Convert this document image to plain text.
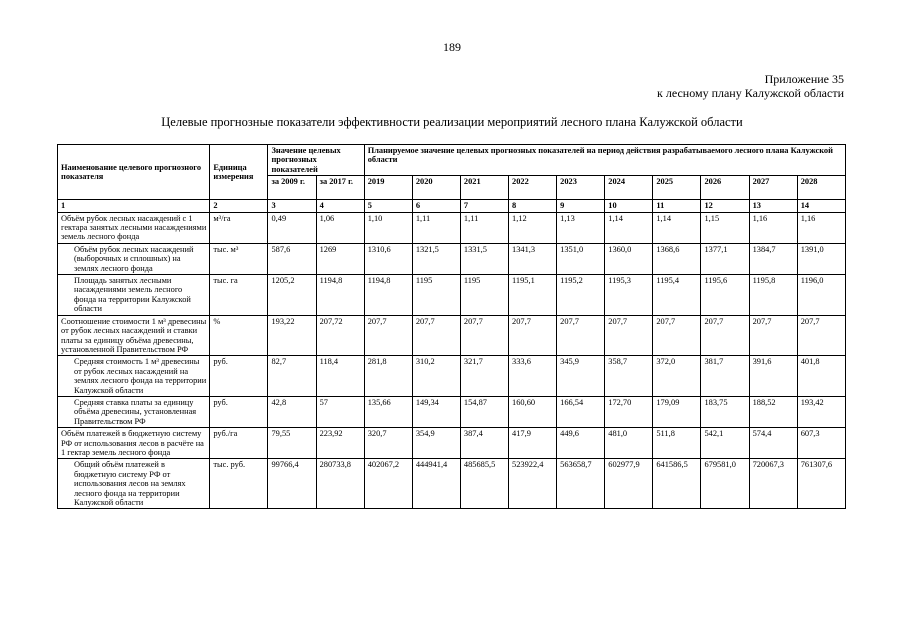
189
Приложение 35
к лесному плану Калужской области
Целевые прогнозные показатели эффективности реализации мероприятий лесного плана Калужской области
Наименование целевого прогнозного показателя	Единица измерения	Значение целевых прогнозных показателей		Планируемое значение целевых прогнозных показателей на период действия разрабатываемого лесного плана Калужской области									
		за 2009 г.	за 2017 г.	2019	2020	2021	2022	2023	2024	2025	2026	2027	2028
1	2	3	4	5	6	7	8	9	10	11	12	13	14
Объём рубок лесных насаждений с 1 гектара занятых лесными насаждениями земель лесного фонда	м³/га	0,49	1,06	1,10	1,11	1,11	1,12	1,13	1,14	1,14	1,15	1,16	1,16
Объём рубок лесных насаждений (выборочных и сплошных) на землях лесного фонда	тыс. м³	587,6	1269	1310,6	1321,5	1331,5	1341,3	1351,0	1360,0	1368,6	1377,1	1384,7	1391,0
Площадь занятых лесными насаждениями земель лесного фонда на территории Калужской области	тыс. га	1205,2	1194,8	1194,8	1195	1195	1195,1	1195,2	1195,3	1195,4	1195,6	1195,8	1196,0
Соотношение стоимости 1 м³ древесины от рубок лесных насаждений и ставки платы за единицу объёма древесины, установленной Правительством РФ	%	193,22	207,72	207,7	207,7	207,7	207,7	207,7	207,7	207,7	207,7	207,7	207,7
Средняя стоимость 1 м³ древесины от рубок лесных насаждений на землях лесного фонда на территории Калужской области	руб.	82,7	118,4	281,8	310,2	321,7	333,6	345,9	358,7	372,0	381,7	391,6	401,8
Средняя ставка платы за единицу объёма древесины, установленная Правительством РФ	руб.	42,8	57	135,66	149,34	154,87	160,60	166,54	172,70	179,09	183,75	188,52	193,42
Объём платежей в бюджетную систему РФ от использования лесов в расчёте на 1 гектар земель лесного фонда	руб./га	79,55	223,92	320,7	354,9	387,4	417,9	449,6	481,0	511,8	542,1	574,4	607,3
Общий объём платежей в бюджетную систему РФ от использования лесов на землях лесного фонда на территории Калужской области	тыс. руб.	99766,4	280733,8	402067,2	444941,4	485685,5	523922,4	563658,7	602977,9	641586,5	679581,0	720067,3	761307,6
